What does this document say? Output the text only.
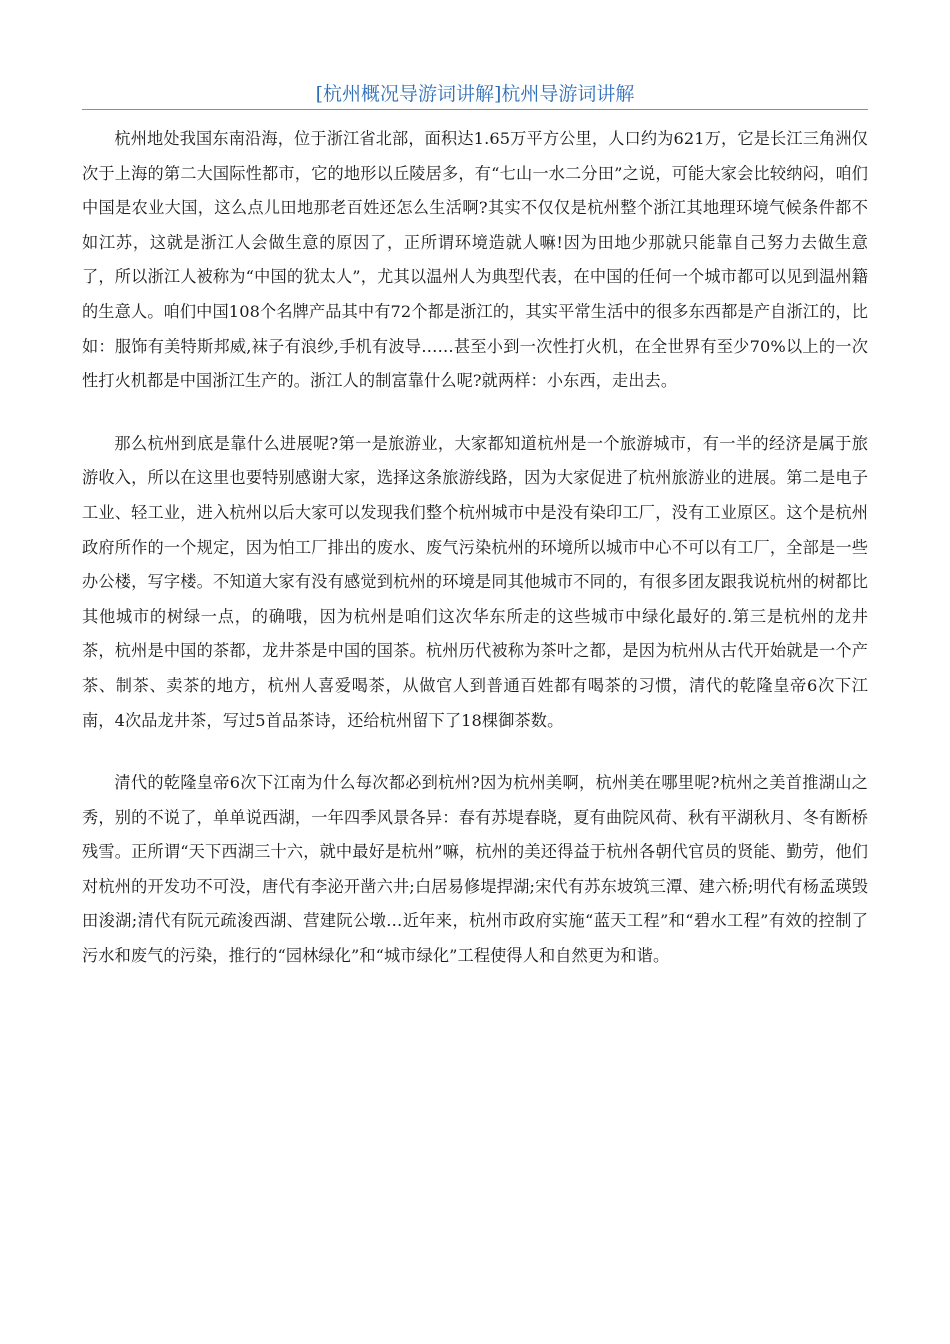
[杭州概况导游词讲解]杭州导游词讲解

杭州地处我国东南沿海，位于浙江省北部，面积达1.65万平方公里，人口约为621万，它是长江三角洲仅次于上海的第二大国际性都市，它的地形以丘陵居多，有“七山一水二分田”之说，可能大家会比较纳闷，咱们中国是农业大国，这么点儿田地那老百姓还怎么生活啊?其实不仅仅是杭州整个浙江其地理环境气候条件都不如江苏，这就是浙江人会做生意的原因了，正所谓环境造就人嘛!因为田地少那就只能靠自己努力去做生意了，所以浙江人被称为“中国的犹太人”，尤其以温州人为典型代表，在中国的任何一个城市都可以见到温州籍的生意人。咱们中国108个名牌产品其中有72个都是浙江的，其实平常生活中的很多东西都是产自浙江的，比如：服饰有美特斯邦威,袜子有浪纱,手机有波导……甚至小到一次性打火机，在全世界有至少70%以上的一次性打火机都是中国浙江生产的。浙江人的制富靠什么呢?就两样：小东西，走出去。

那么杭州到底是靠什么进展呢?第一是旅游业，大家都知道杭州是一个旅游城市，有一半的经济是属于旅游收入，所以在这里也要特别感谢大家，选择这条旅游线路，因为大家促进了杭州旅游业的进展。第二是电子工业、轻工业，进入杭州以后大家可以发现我们整个杭州城市中是没有染印工厂，没有工业原区。这个是杭州政府所作的一个规定，因为怕工厂排出的废水、废气污染杭州的环境所以城市中心不可以有工厂，全部是一些办公楼，写字楼。不知道大家有没有感觉到杭州的环境是同其他城市不同的，有很多团友跟我说杭州的树都比其他城市的树绿一点，的确哦，因为杭州是咱们这次华东所走的这些城市中绿化最好的.第三是杭州的龙井茶，杭州是中国的茶都，龙井茶是中国的国茶。杭州历代被称为茶叶之都，是因为杭州从古代开始就是一个产茶、制茶、卖茶的地方，杭州人喜爱喝茶，从做官人到普通百姓都有喝茶的习惯，清代的乾隆皇帝6次下江南，4次品龙井茶，写过5首品茶诗，还给杭州留下了18棵御茶数。

清代的乾隆皇帝6次下江南为什么每次都必到杭州?因为杭州美啊，杭州美在哪里呢?杭州之美首推湖山之秀，别的不说了，单单说西湖，一年四季风景各异：春有苏堤春晓，夏有曲院风荷、秋有平湖秋月、冬有断桥残雪。正所谓“天下西湖三十六，就中最好是杭州”嘛，杭州的美还得益于杭州各朝代官员的贤能、勤劳，他们对杭州的开发功不可没，唐代有李泌开凿六井;白居易修堤捍湖;宋代有苏东坡筑三潭、建六桥;明代有杨孟瑛毁田浚湖;清代有阮元疏浚西湖、营建阮公墩…近年来，杭州市政府实施“蓝天工程”和“碧水工程”有效的控制了污水和废气的污染，推行的“园林绿化”和“城市绿化”工程使得人和自然更为和谐。
